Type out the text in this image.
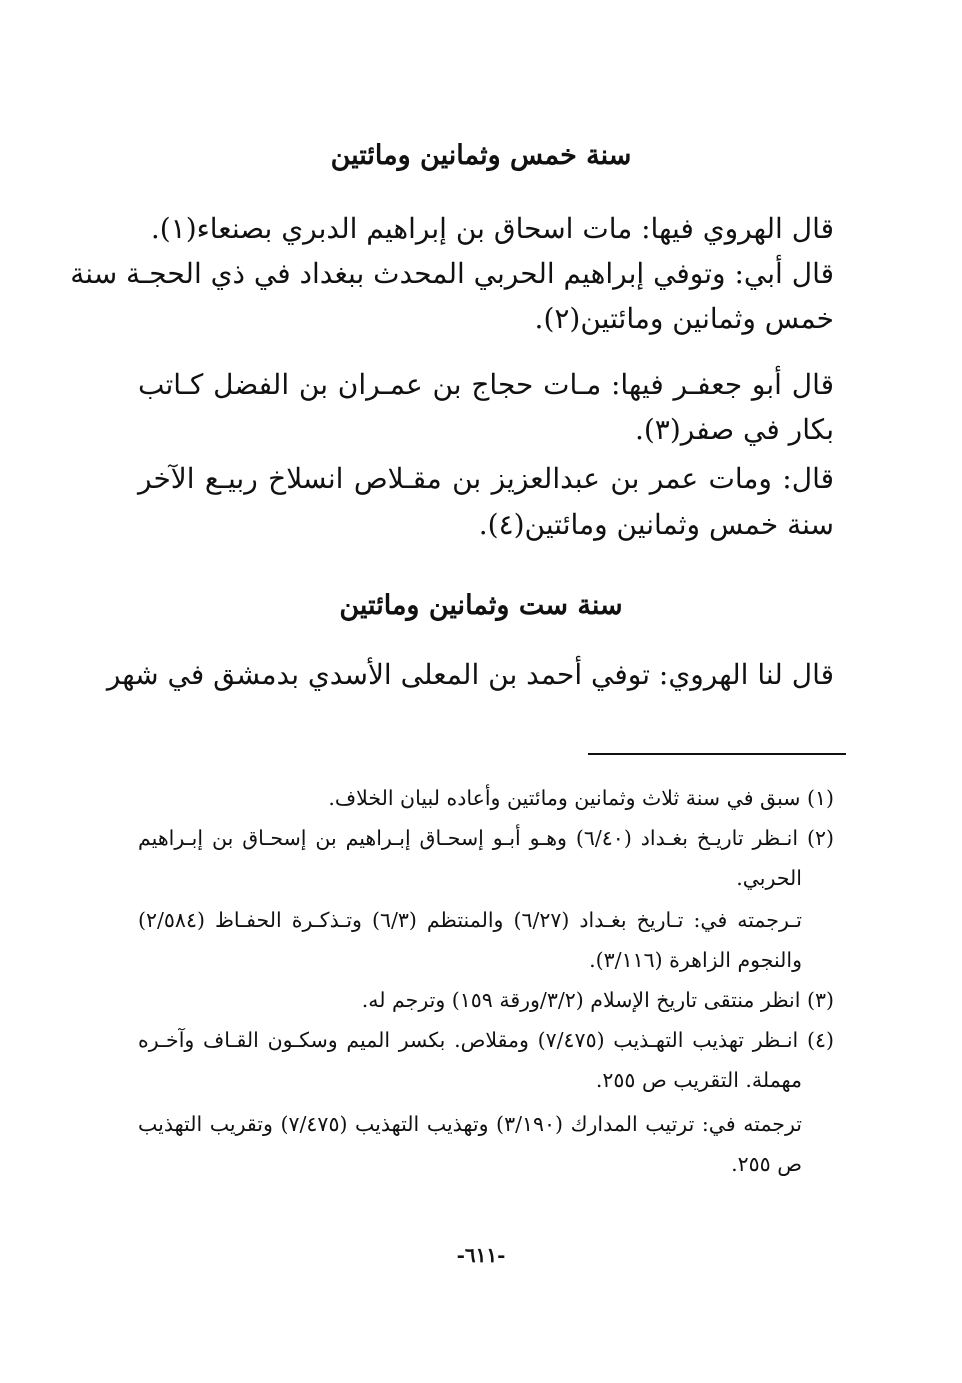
سنة خمس وثمانين ومائتين
قال الهروي فيها: مات اسحاق بن إبراهيم الدبري بصنعاء(١).
قال أبي: وتوفي إبراهيم الحربي المحدث ببغداد في ذي الحجـة سنة
خمس وثمانين ومائتين(٢).
قال أبو جعفـر فيها: مـات حجاج بن عمـران بن الفضل كـاتب
بكار في صفر(٣).
قال: ومات عمر بن عبدالعزيز بن مقـلاص انسلاخ ربيـع الآخر
سنة خمس وثمانين ومائتين(٤).
سنة ست وثمانين ومائتين
قال لنا الهروي: توفي أحمد بن المعلى الأسدي بدمشق في شهر
(١) سبق في سنة ثلاث وثمانين ومائتين وأعاده لبيان الخلاف.
(٢) انـظر تاريـخ بغـداد (٦/٤٠) وهـو أبـو إسحـاق إبـراهيم بن إسحـاق بن إبـراهيم
الحربي.
تـرجمته في: تـاريخ بغـداد (٦/٢٧) والمنتظم (٦/٣) وتـذكـرة الحفـاظ (٢/٥٨٤)
والنجوم الزاهرة (٣/١١٦).
(٣) انظر منتقى تاريخ الإسلام (٣/٢/ورقة ١٥٩) وترجم له.
(٤) انـظر تهذيب التهـذيب (٧/٤٧٥) ومقلاص. بكسر الميم وسكـون القـاف وآخـره
مهملة. التقريب ص ٢٥٥.
ترجمته في: ترتيب المدارك (٣/١٩٠) وتهذيب التهذيب (٧/٤٧٥) وتقريب التهذيب
ص ٢٥٥.
-٦١١-
